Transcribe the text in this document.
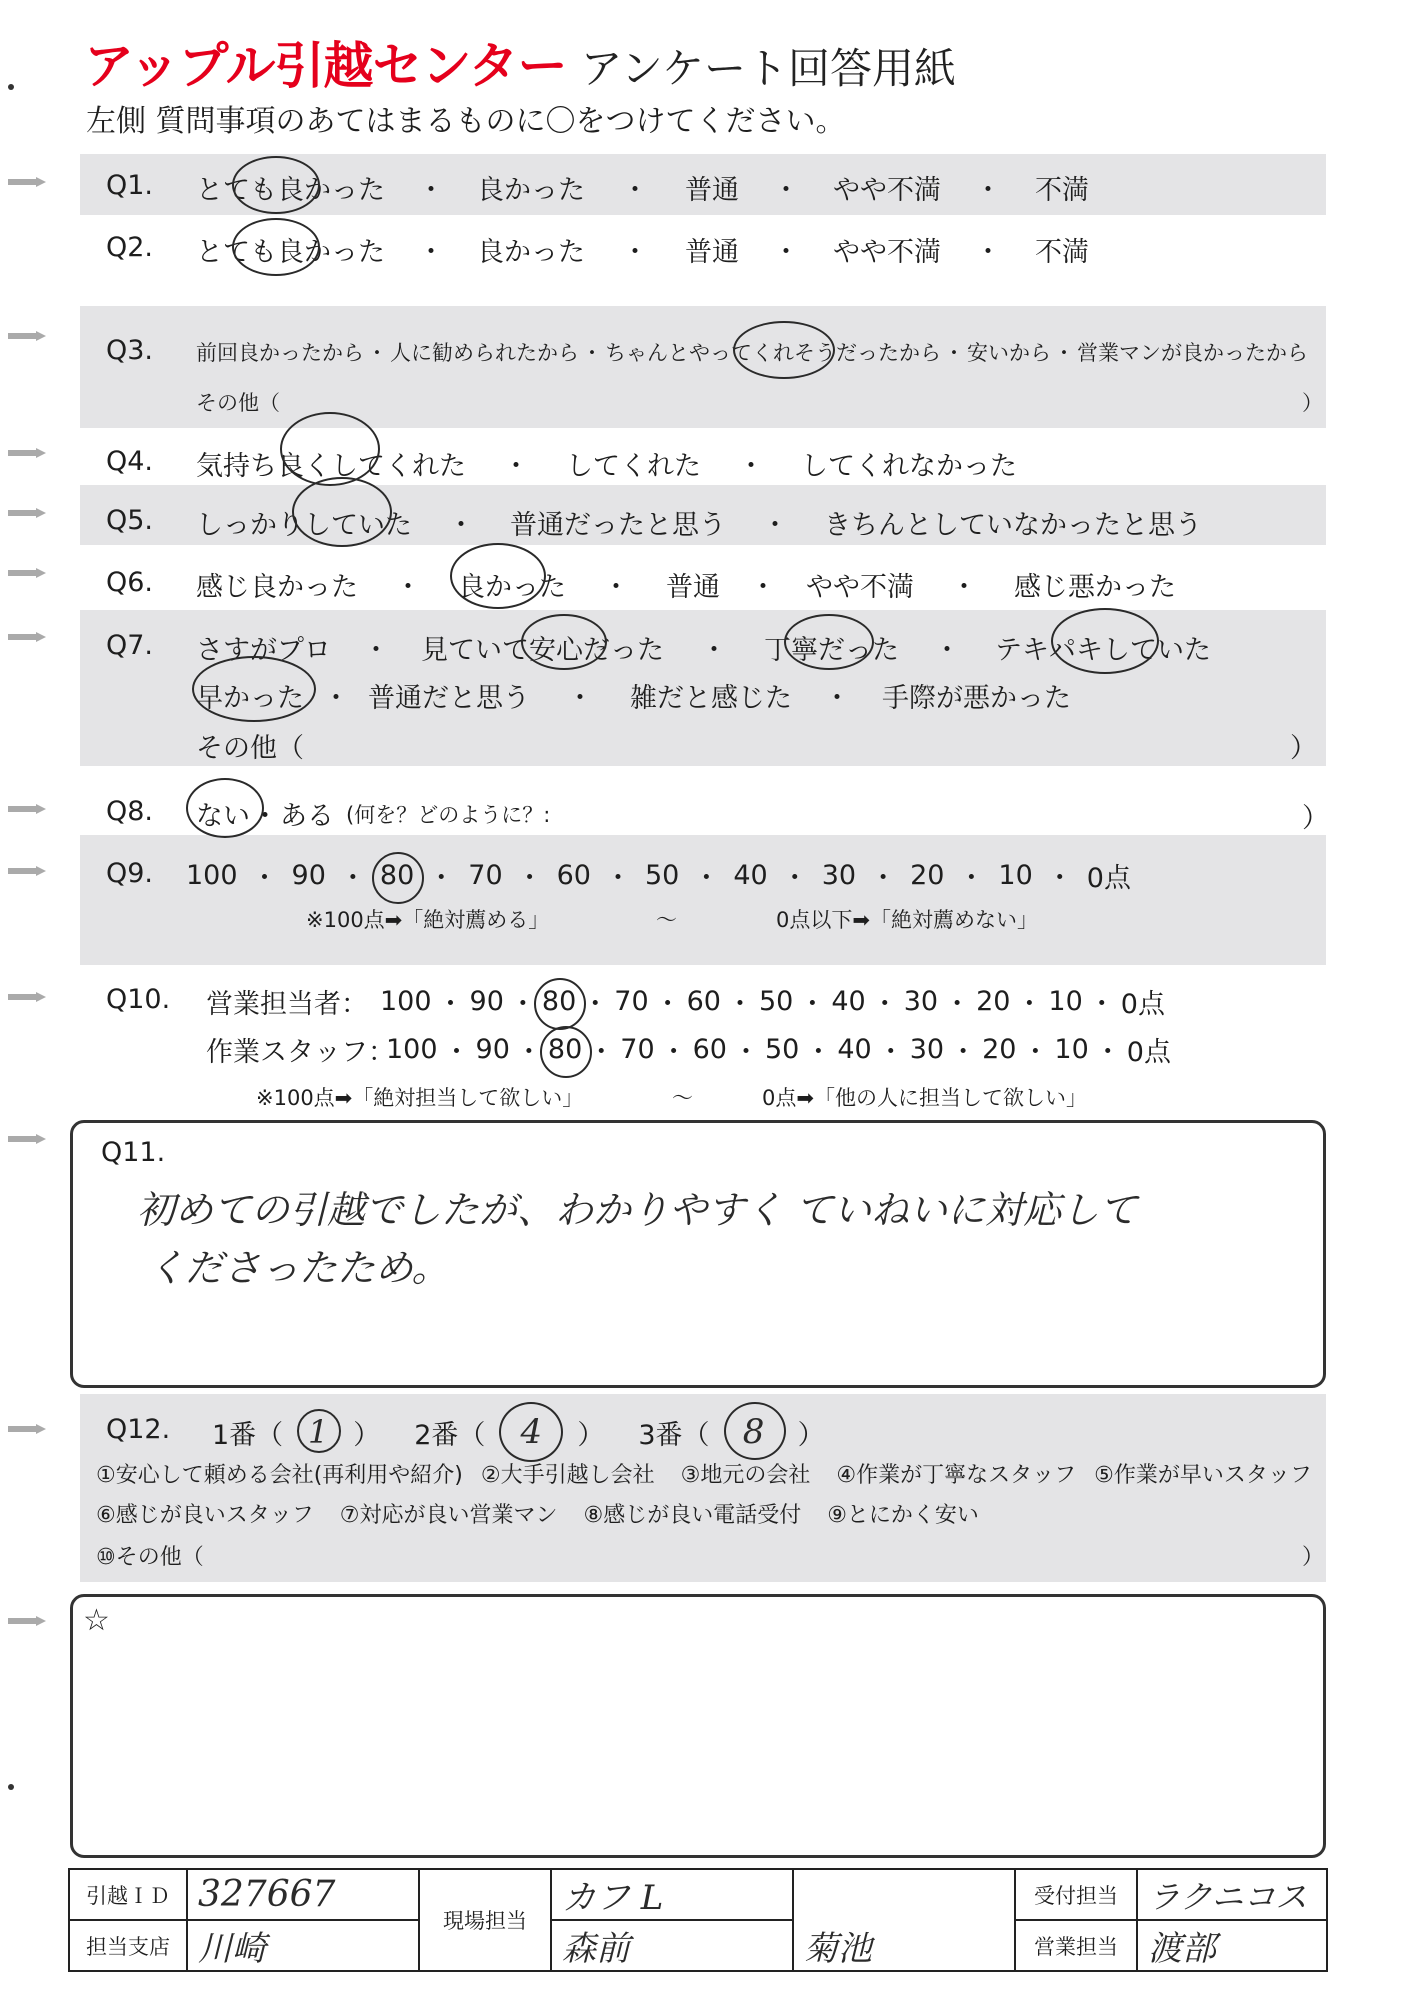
アップル引越センター アンケート回答用紙
左側 質問事項のあてはまるものに〇をつけてください。
Q1. とても良かった	・	良かった	・	普通	・	やや不満	・	不満
Q2. とても良かった	・	良かった	・	普通	・	やや不満	・	不満
Q3. 前回良かったから ・ 人に勧められたから ・ ちゃんとやってくれそうだったから ・ 安いから ・ 営業マンが良かったから
その他（	）
Q4. 気持ち良くしてくれた	・	してくれた	・	してくれなかった
Q5. しっかりしていた	・	普通だったと思う	・	きちんとしていなかったと思う
Q6. 感じ良かった	・	良かった	・	普通	・	やや不満	・	感じ悪かった
Q7. さすがプロ	・	見ていて安心だった	・	丁寧だった	・	テキパキしていた
早かった ・ 普通だと思う	・	雑だと感じた	・	手際が悪かった
その他（	）
Q8. ない ・ ある (何を？どのように？:	）
Q9. 100 ・ 90 ・ 80 ・ 70 ・ 60 ・ 50 ・ 40 ・ 30 ・ 20 ・ 10 ・ 0点
※100点➡「絶対薦める」	～	0点以下➡「絶対薦めない」
Q10. 営業担当者： 100 ・ 90 ・ 80 ・ 70 ・ 60 ・ 50 ・ 40 ・ 30 ・ 20 ・ 10 ・ 0点
作業スタッフ：
100 ・ 90 ・ 80 ・ 70 ・ 60 ・ 50 ・ 40 ・ 30 ・ 20 ・ 10 ・ 0点
※100点➡「絶対担当して欲しい」	～	0点➡「他の人に担当して欲しい」
Q11.
初めての引越でしたが、わかりやすく ていねいに対応して
くださったため。
Q12. 1番（ 1 ） 2番（	4	） 3番（ 8	）
①安心して頼める会社(再利用や紹介) ②大手引越し会社 ③地元の会社 ④作業が丁寧なスタッフ ⑤作業が早いスタッフ
⑥感じが良いスタッフ ⑦対応が良い営業マン ⑧感じが良い電話受付 ⑨とにかく安い
⑩その他（	）
☆
引越ＩＤ	327667	現場担当	カフ L	菊池	受付担当	ラクニコス
担当支店	川崎		森前		営業担当	渡部
